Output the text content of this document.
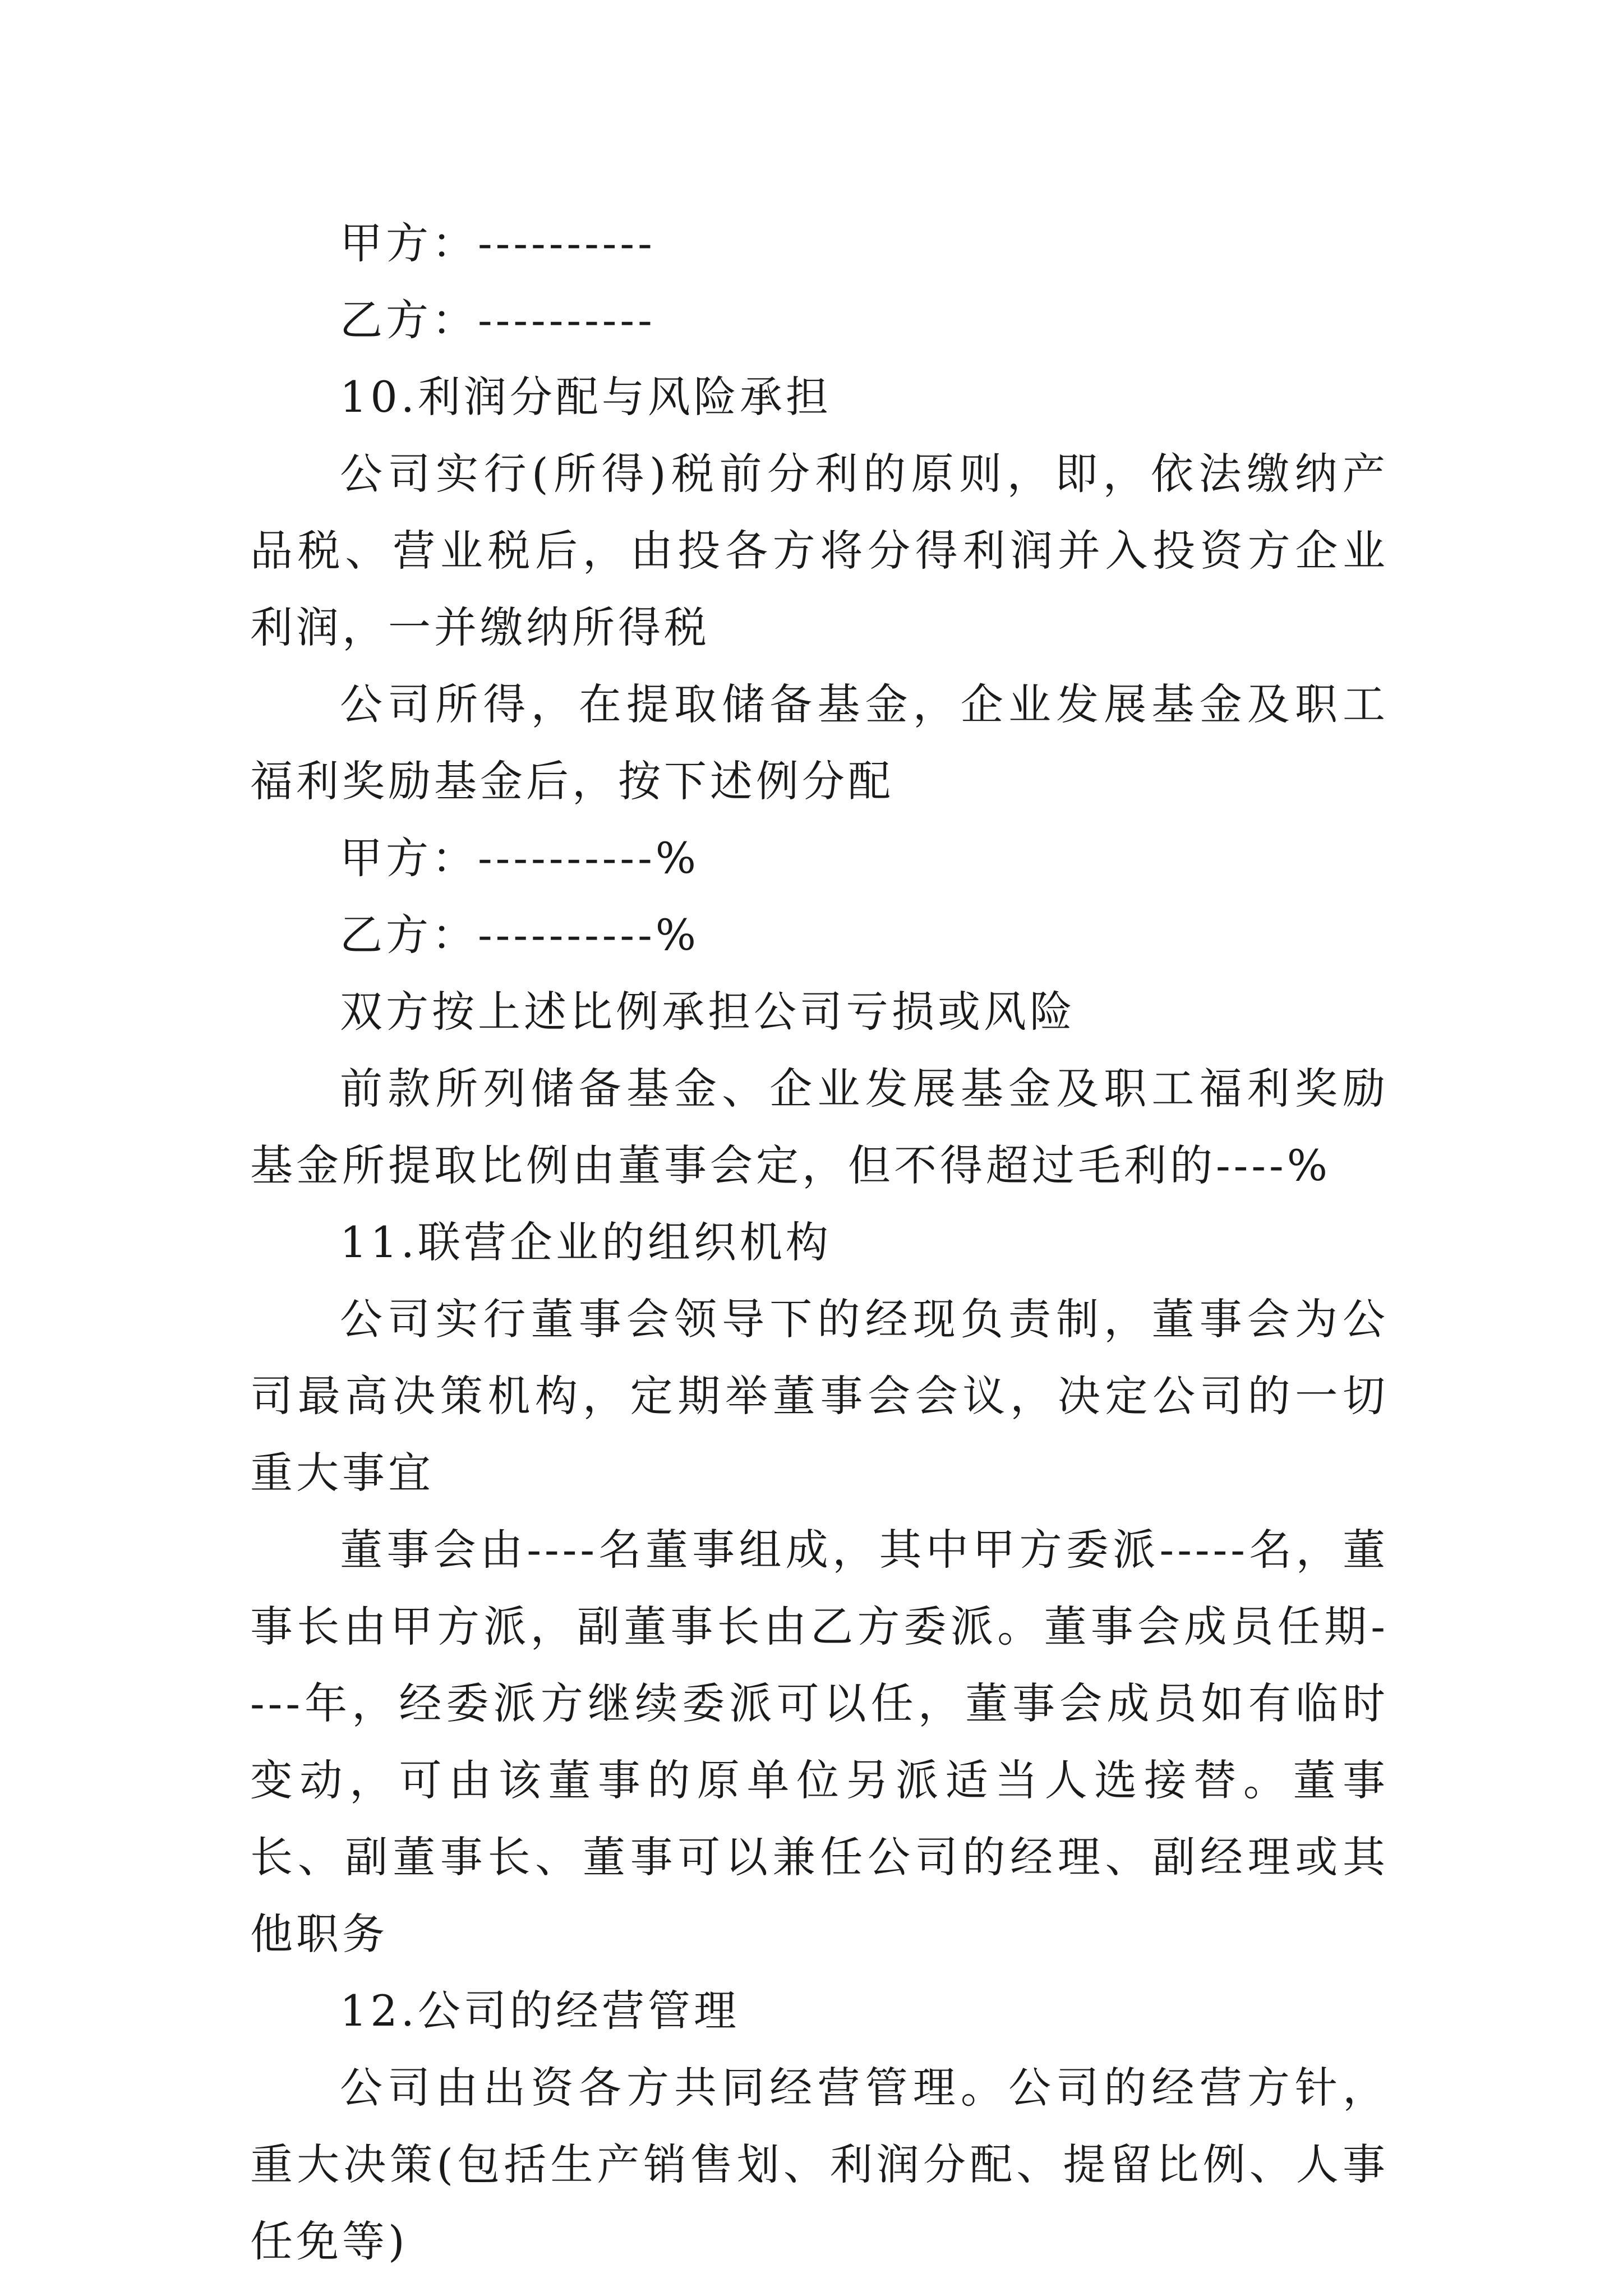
甲方：----------

乙方：----------

10.利润分配与风险承担

公司实行(所得)税前分利的原则，即，依法缴纳产品税、营业税后，由投各方将分得利润并入投资方企业利润，一并缴纳所得税

公司所得，在提取储备基金，企业发展基金及职工福利奖励基金后，按下述例分配

甲方：----------%

乙方：----------%

双方按上述比例承担公司亏损或风险

前款所列储备基金、企业发展基金及职工福利奖励基金所提取比例由董事会定，但不得超过毛利的----%

11.联营企业的组织机构

公司实行董事会领导下的经现负责制，董事会为公司最高决策机构，定期举董事会会议，决定公司的一切重大事宜

董事会由----名董事组成，其中甲方委派-----名，董事长由甲方派，副董事长由乙方委派。董事会成员任期----年，经委派方继续委派可以任，董事会成员如有临时变动，可由该董事的原单位另派适当人选接替。董事长、副董事长、董事可以兼任公司的经理、副经理或其他职务

12.公司的经营管理

公司由出资各方共同经营管理。公司的经营方针，重大决策(包括生产销售划、利润分配、提留比例、人事任免等)
